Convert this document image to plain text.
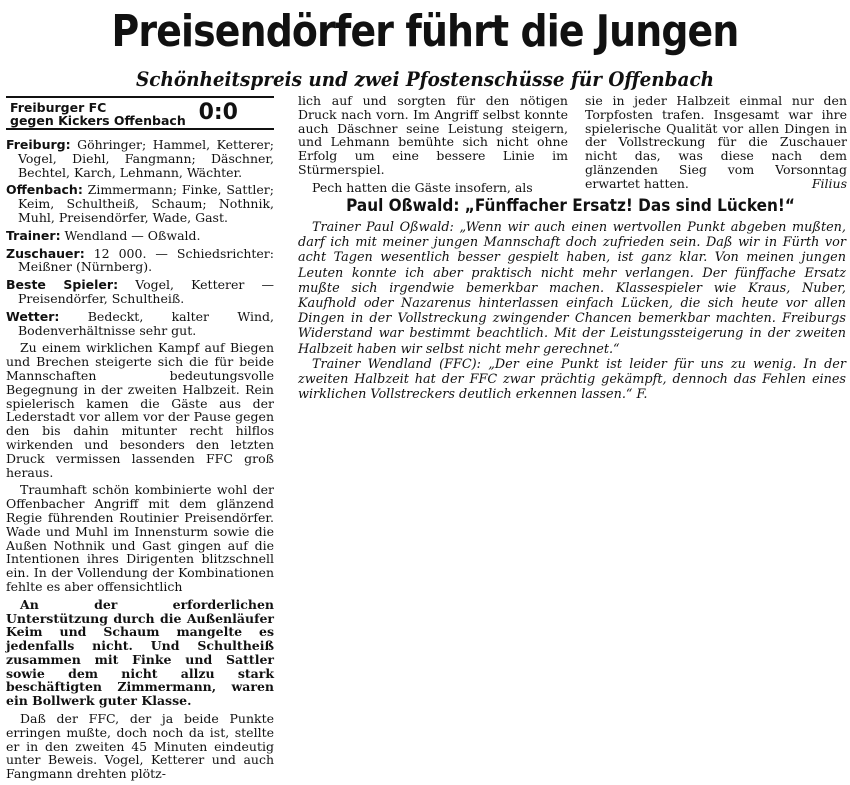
Preisendörfer führt die Jungen
Schönheitspreis und zwei Pfostenschüsse für Offenbach
Freiburger FC
gegen Kickers Offenbach 0:0

Freiburg: Göhringer; Hammel, Ketterer; Vogel, Diehl, Fangmann; Däschner, Bechtel, Karch, Lehmann, Wächter.

Offenbach: Zimmermann; Finke, Sattler; Keim, Schultheiß, Schaum; Nothnik, Muhl, Preisendörfer, Wade, Gast.

Trainer: Wendland — Oßwald.

Zuschauer: 12 000. — Schiedsrichter: Meißner (Nürnberg).

Beste Spieler: Vogel, Ketterer — Preisendörfer, Schultheiß.

Wetter: Bedeckt, kalter Wind, Bodenverhältnisse sehr gut.

Zu einem wirklichen Kampf auf Biegen und Brechen steigerte sich die für beide Mannschaften bedeutungsvolle Begegnung in der zweiten Halbzeit. Rein spielerisch kamen die Gäste aus der Lederstadt vor allem vor der Pause gegen den bis dahin mitunter recht hilflos wirkenden und besonders den letzten Druck vermissen lassenden FFC groß heraus.

Traumhaft schön kombinierte wohl der Offenbacher Angriff mit dem glänzend Regie führenden Routinier Preisendörfer. Wade und Muhl im Innensturm sowie die Außen Nothnik und Gast gingen auf die Intentionen ihres Dirigenten blitzschnell ein. In der Vollendung der Kombinationen fehlte es aber offensichtlich

An der erforderlichen Unterstützung durch die Außenläufer Keim und Schaum mangelte es jedenfalls nicht. Und Schultheiß zusammen mit Finke und Sattler sowie dem nicht allzu stark beschäftigten Zimmermann, waren ein Bollwerk guter Klasse.

Daß der FFC, der ja beide Punkte erringen mußte, doch noch da ist, stellte er in den zweiten 45 Minuten eindeutig unter Beweis. Vogel, Ketterer und auch Fangmann drehten plötz-

lich auf und sorgten für den nötigen Druck nach vorn. Im Angriff selbst konnte auch Däschner seine Leistung steigern, und Lehmann bemühte sich nicht ohne Erfolg um eine bessere Linie im Stürmerspiel.

Pech hatten die Gäste insofern, als

sie in jeder Halbzeit einmal nur den Torpfosten trafen. Insgesamt war ihre spielerische Qualität vor allen Dingen in der Vollstreckung für die Zuschauer nicht das, was diese nach dem glänzenden Sieg vom Vorsonntag erwartet hatten.	Filius

Paul Oßwald: „Fünffacher Ersatz! Das sind Lücken!“

Trainer Paul Oßwald: „Wenn wir auch einen wertvollen Punkt abgeben mußten, darf ich mit meiner jungen Mannschaft doch zufrieden sein. Daß wir in Fürth vor acht Tagen wesentlich besser gespielt haben, ist ganz klar. Von meinen jungen Leuten konnte ich aber praktisch nicht mehr verlangen. Der fünffache Ersatz mußte sich irgendwie bemerkbar machen. Klassespieler wie Kraus, Nuber, Kaufhold oder Nazarenus hinterlassen einfach Lücken, die sich heute vor allen Dingen in der Vollstreckung zwingender Chancen bemerkbar machten. Freiburgs Widerstand war bestimmt beachtlich. Mit der Leistungssteigerung in der zweiten Halbzeit haben wir selbst nicht mehr gerechnet.“

Trainer Wendland (FFC): „Der eine Punkt ist leider für uns zu wenig. In der zweiten Halbzeit hat der FFC zwar prächtig gekämpft, dennoch das Fehlen eines wirklichen Vollstreckers deutlich erkennen lassen.“ F.
